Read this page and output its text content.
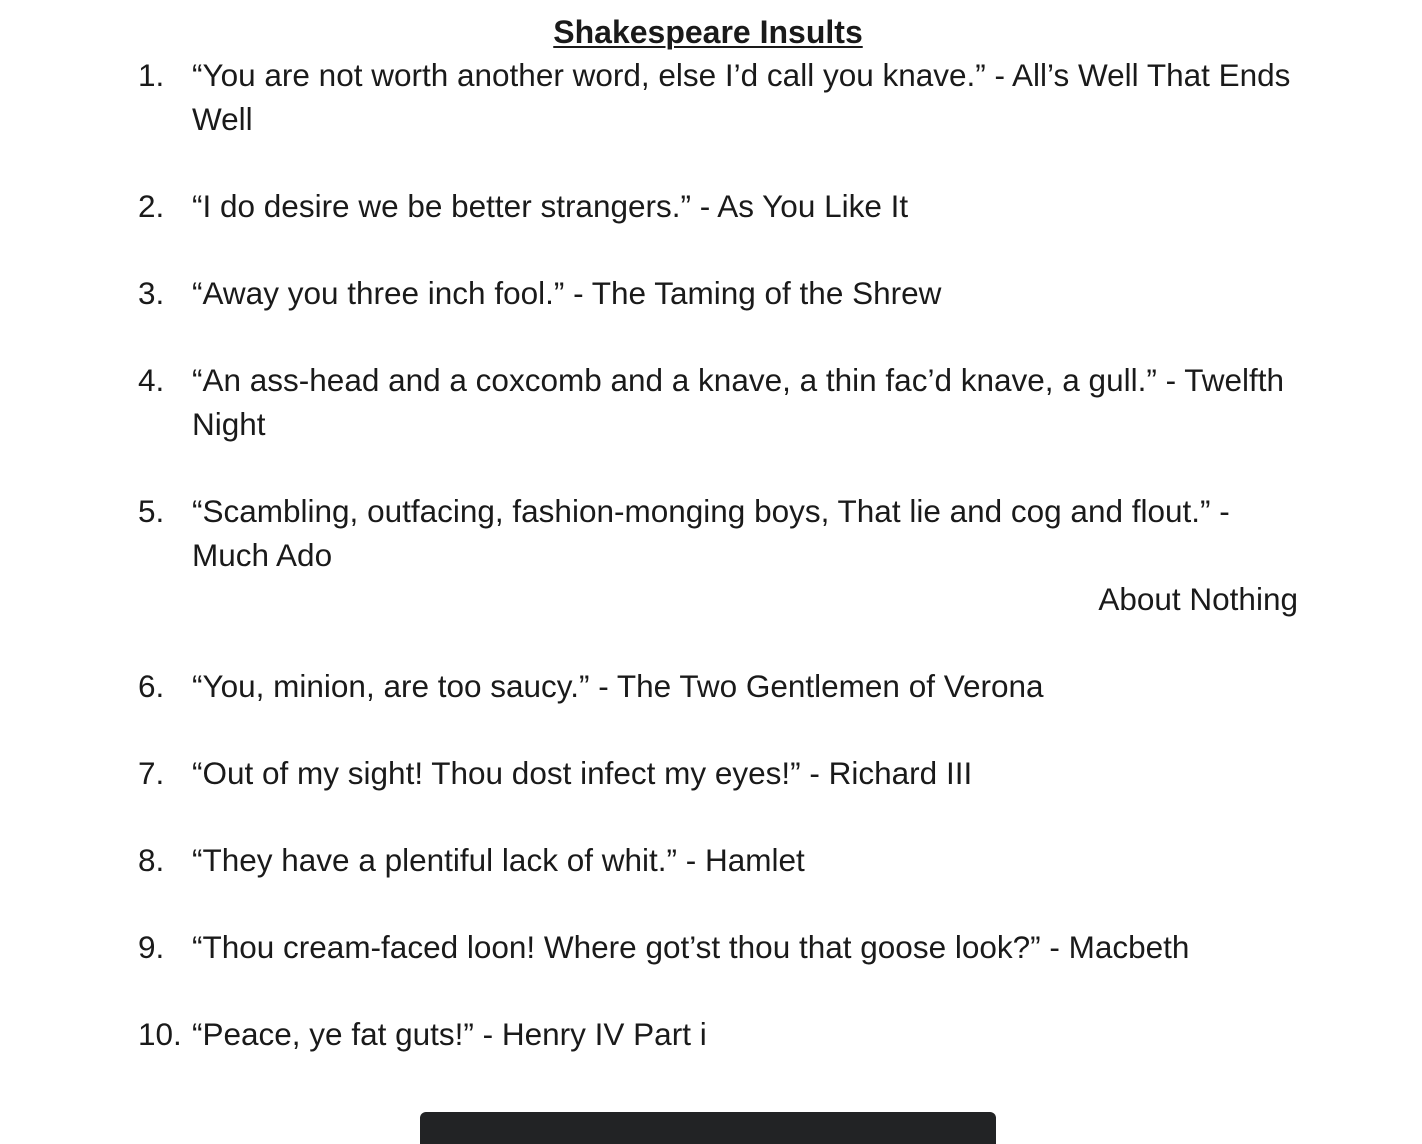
Shakespeare Insults
1. “You are not worth another word, else I’d call you knave.” - All’s Well That Ends Well
2. “I do desire we be better strangers.” - As You Like It
3. “Away you three inch fool.” - The Taming of the Shrew
4. “An ass-head and a coxcomb and a knave, a thin fac’d knave, a gull.” - Twelfth Night
5. “Scambling, outfacing, fashion-monging boys, That lie and cog and flout.” - Much Ado
About Nothing
6. “You, minion, are too saucy.” - The Two Gentlemen of Verona
7. “Out of my sight! Thou dost infect my eyes!” - Richard III
8. “They have a plentiful lack of whit.” - Hamlet
9. “Thou cream-faced loon! Where got’st thou that goose look?” - Macbeth
10. “Peace, ye fat guts!” - Henry IV Part i
